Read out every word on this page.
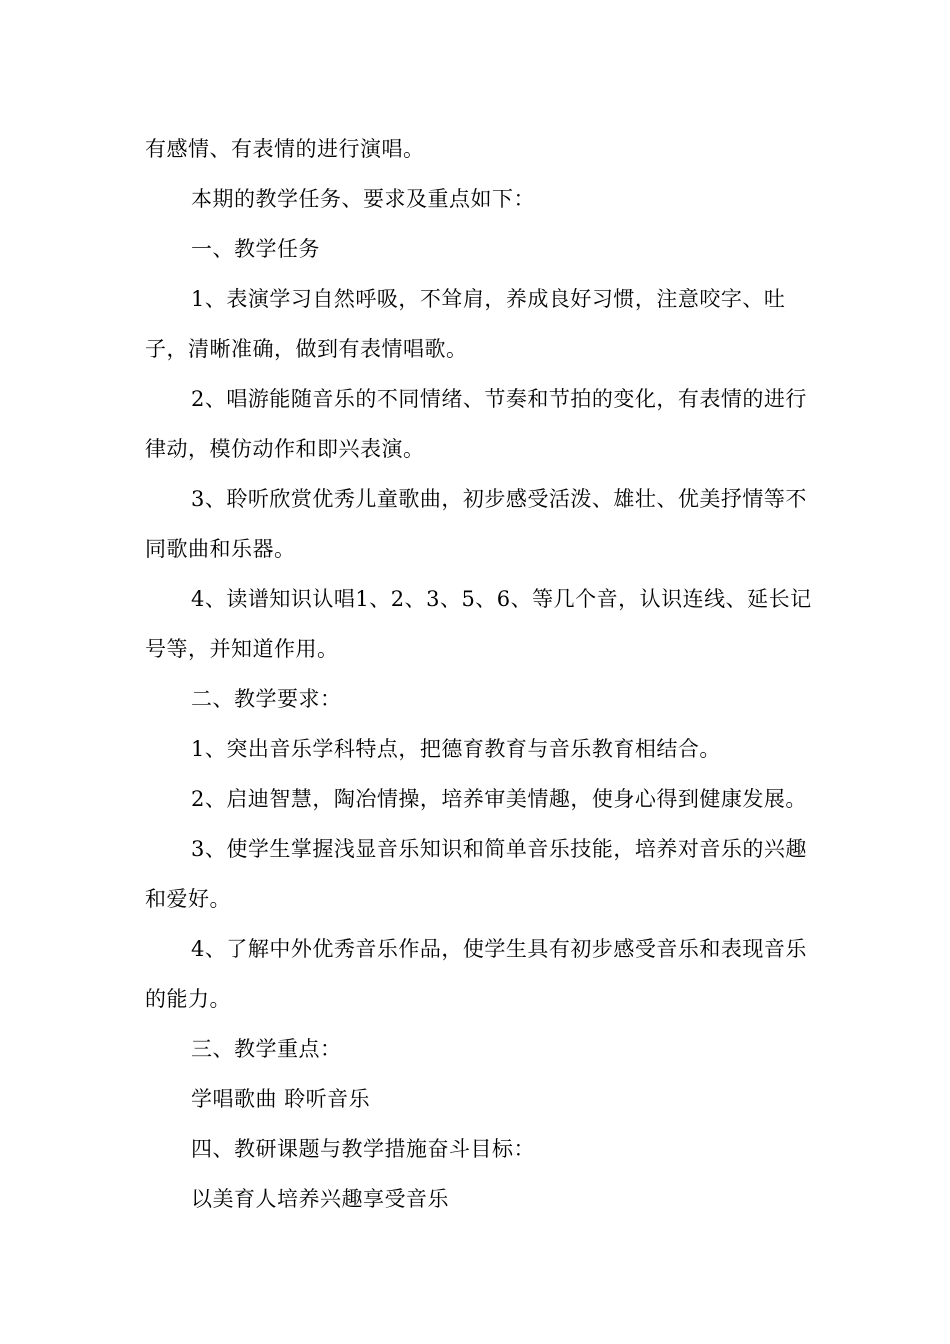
有感情、有表情的进行演唱。

本期的教学任务、要求及重点如下：

一、教学任务

1、表演学习自然呼吸，不耸肩，养成良好习惯，注意咬字、吐子，清晰准确，做到有表情唱歌。

2、唱游能随音乐的不同情绪、节奏和节拍的变化，有表情的进行律动，模仿动作和即兴表演。

3、聆听欣赏优秀儿童歌曲，初步感受活泼、雄壮、优美抒情等不同歌曲和乐器。

4、读谱知识认唱1、2、3、5、6、等几个音，认识连线、延长记号等，并知道作用。

二、教学要求：

1、突出音乐学科特点，把德育教育与音乐教育相结合。

2、启迪智慧，陶冶情操，培养审美情趣，使身心得到健康发展。

3、使学生掌握浅显音乐知识和简单音乐技能，培养对音乐的兴趣和爱好。

4、了解中外优秀音乐作品，使学生具有初步感受音乐和表现音乐的能力。

三、教学重点：

学唱歌曲 聆听音乐

四、教研课题与教学措施奋斗目标：

以美育人培养兴趣享受音乐
